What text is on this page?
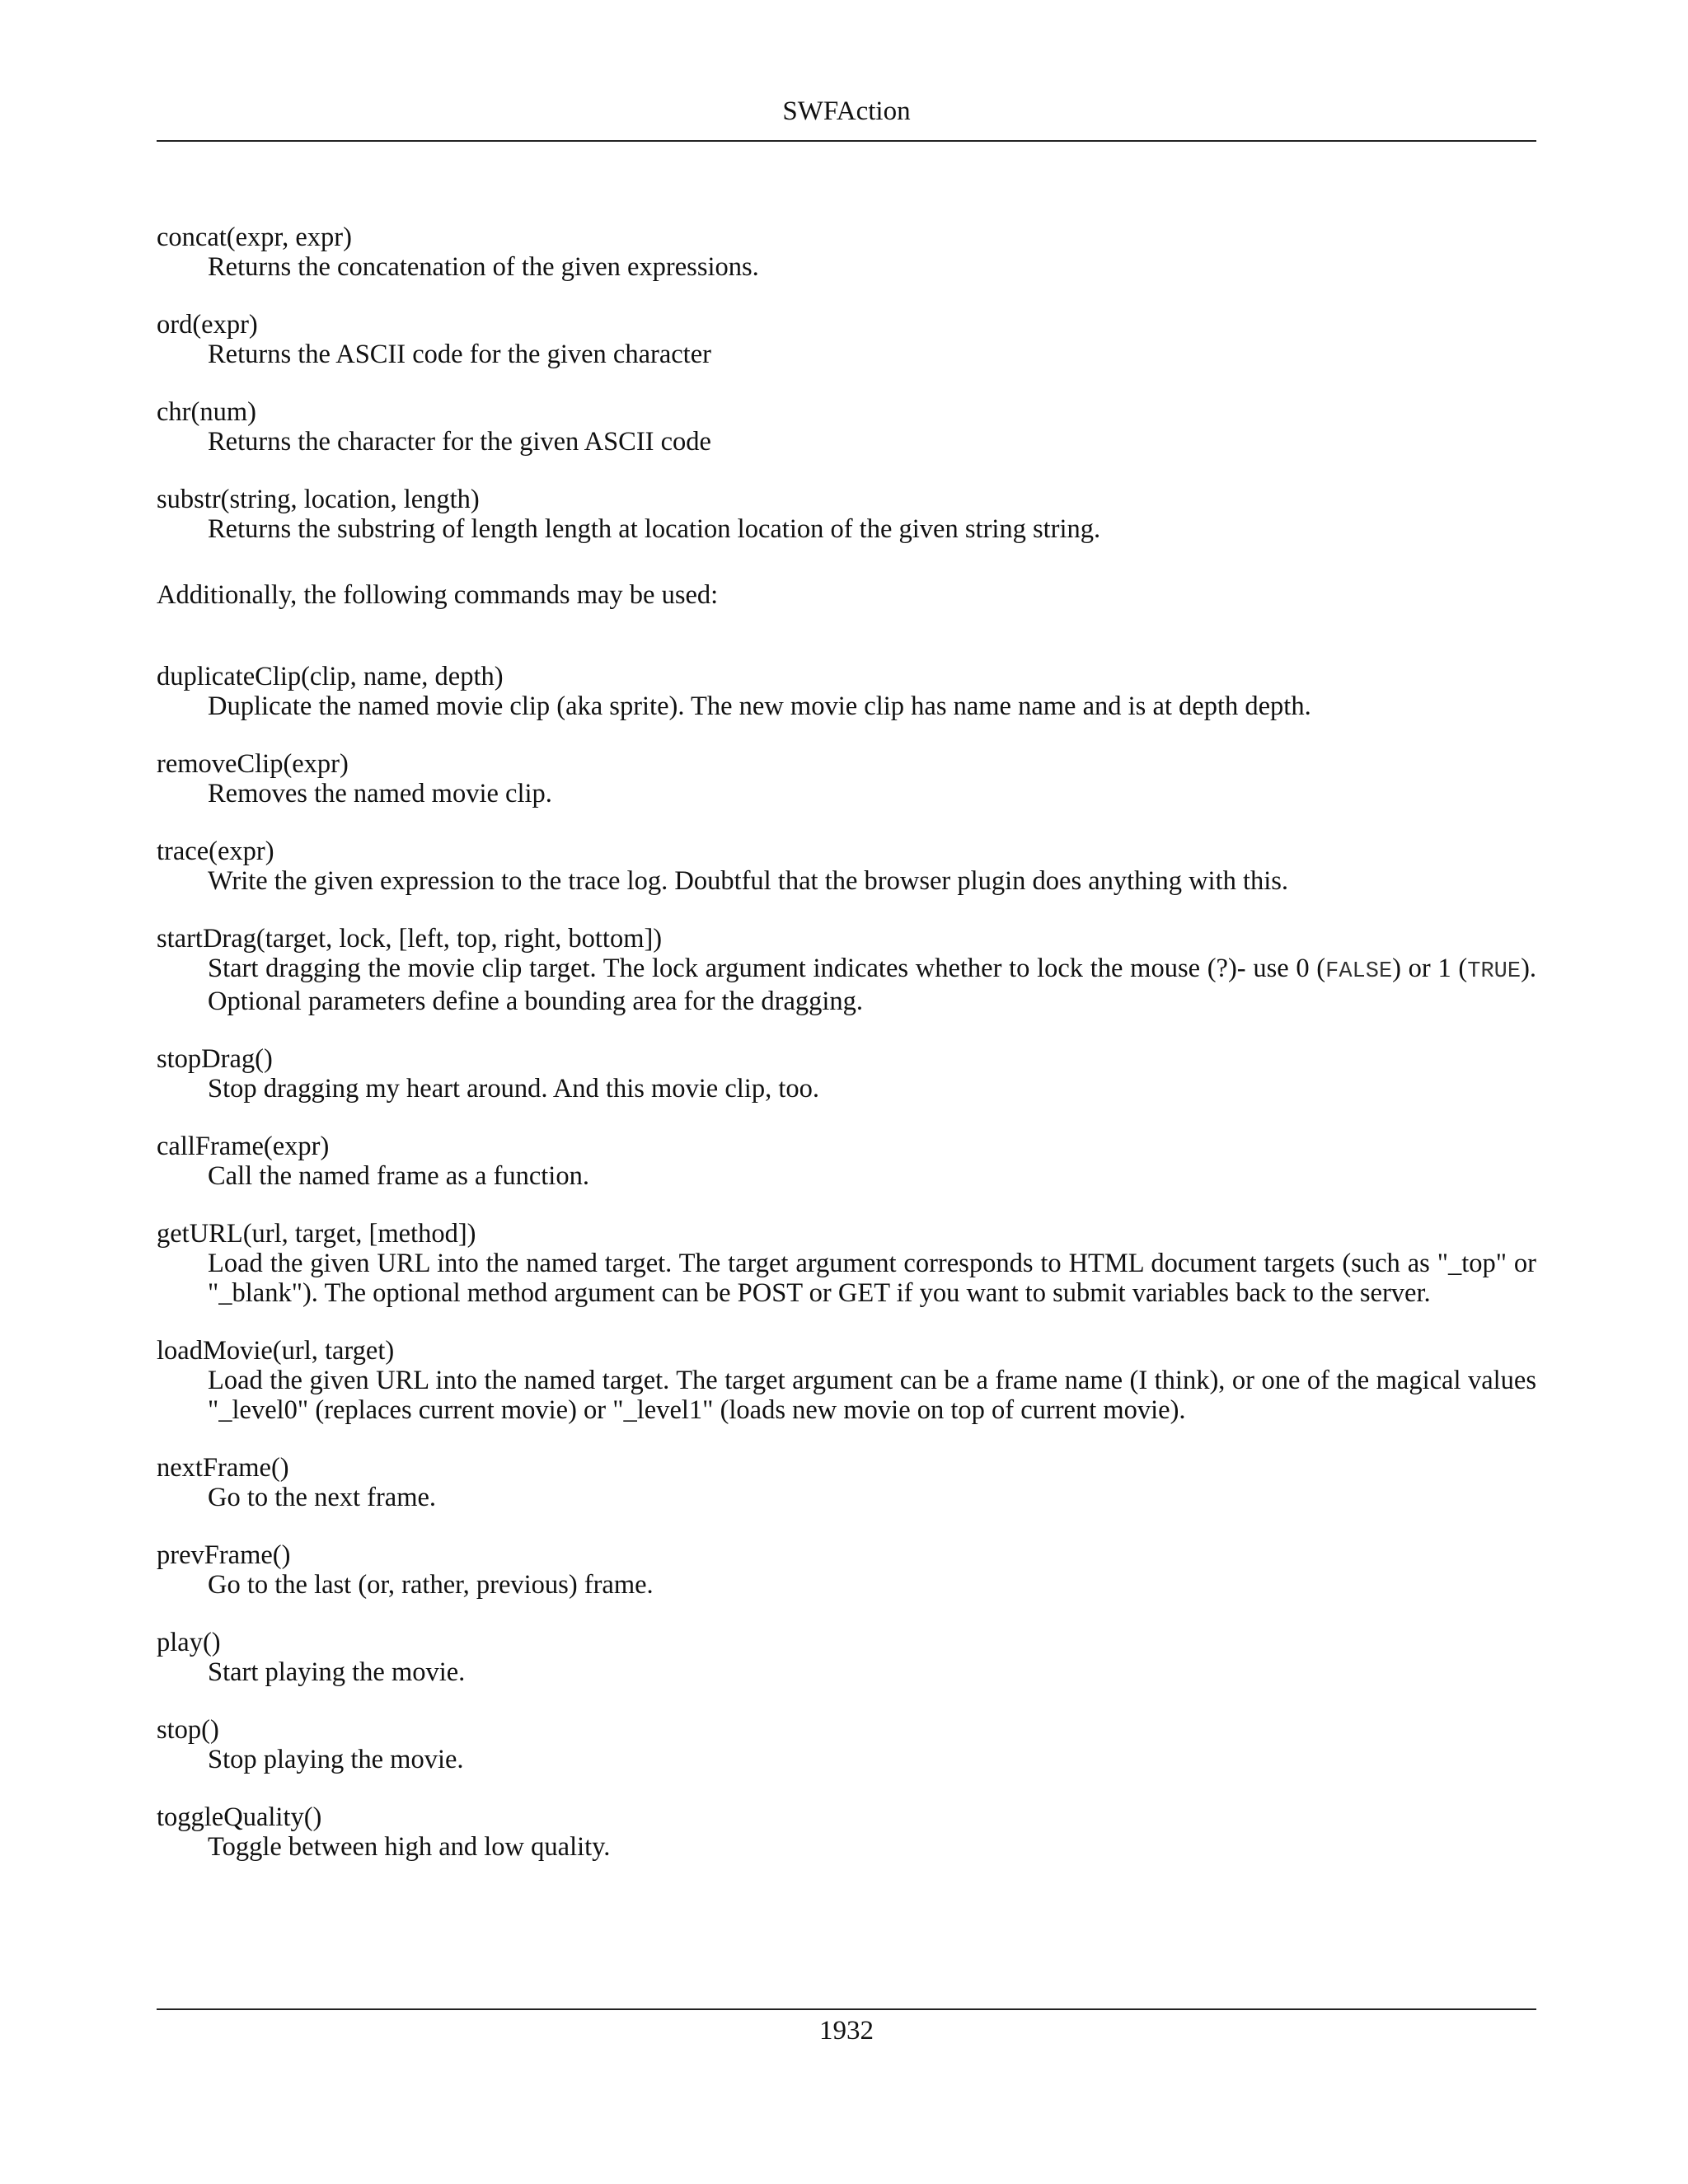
SWFAction
concat(expr, expr)
Returns the concatenation of the given expressions.
ord(expr)
Returns the ASCII code for the given character
chr(num)
Returns the character for the given ASCII code
substr(string, location, length)
Returns the substring of length length at location location of the given string string.
Additionally, the following commands may be used:
duplicateClip(clip, name, depth)
Duplicate the named movie clip (aka sprite). The new movie clip has name name and is at depth depth.
removeClip(expr)
Removes the named movie clip.
trace(expr)
Write the given expression to the trace log. Doubtful that the browser plugin does anything with this.
startDrag(target, lock, [left, top, right, bottom])
Start dragging the movie clip target. The lock argument indicates whether to lock the mouse (?)- use 0 (FALSE) or 1 (TRUE). Optional parameters define a bounding area for the dragging.
stopDrag()
Stop dragging my heart around. And this movie clip, too.
callFrame(expr)
Call the named frame as a function.
getURL(url, target, [method])
Load the given URL into the named target. The target argument corresponds to HTML document targets (such as "_top" or "_blank"). The optional method argument can be POST or GET if you want to submit variables back to the server.
loadMovie(url, target)
Load the given URL into the named target. The target argument can be a frame name (I think), or one of the magical values "_level0" (replaces current movie) or "_level1" (loads new movie on top of current movie).
nextFrame()
Go to the next frame.
prevFrame()
Go to the last (or, rather, previous) frame.
play()
Start playing the movie.
stop()
Stop playing the movie.
toggleQuality()
Toggle between high and low quality.
1932
